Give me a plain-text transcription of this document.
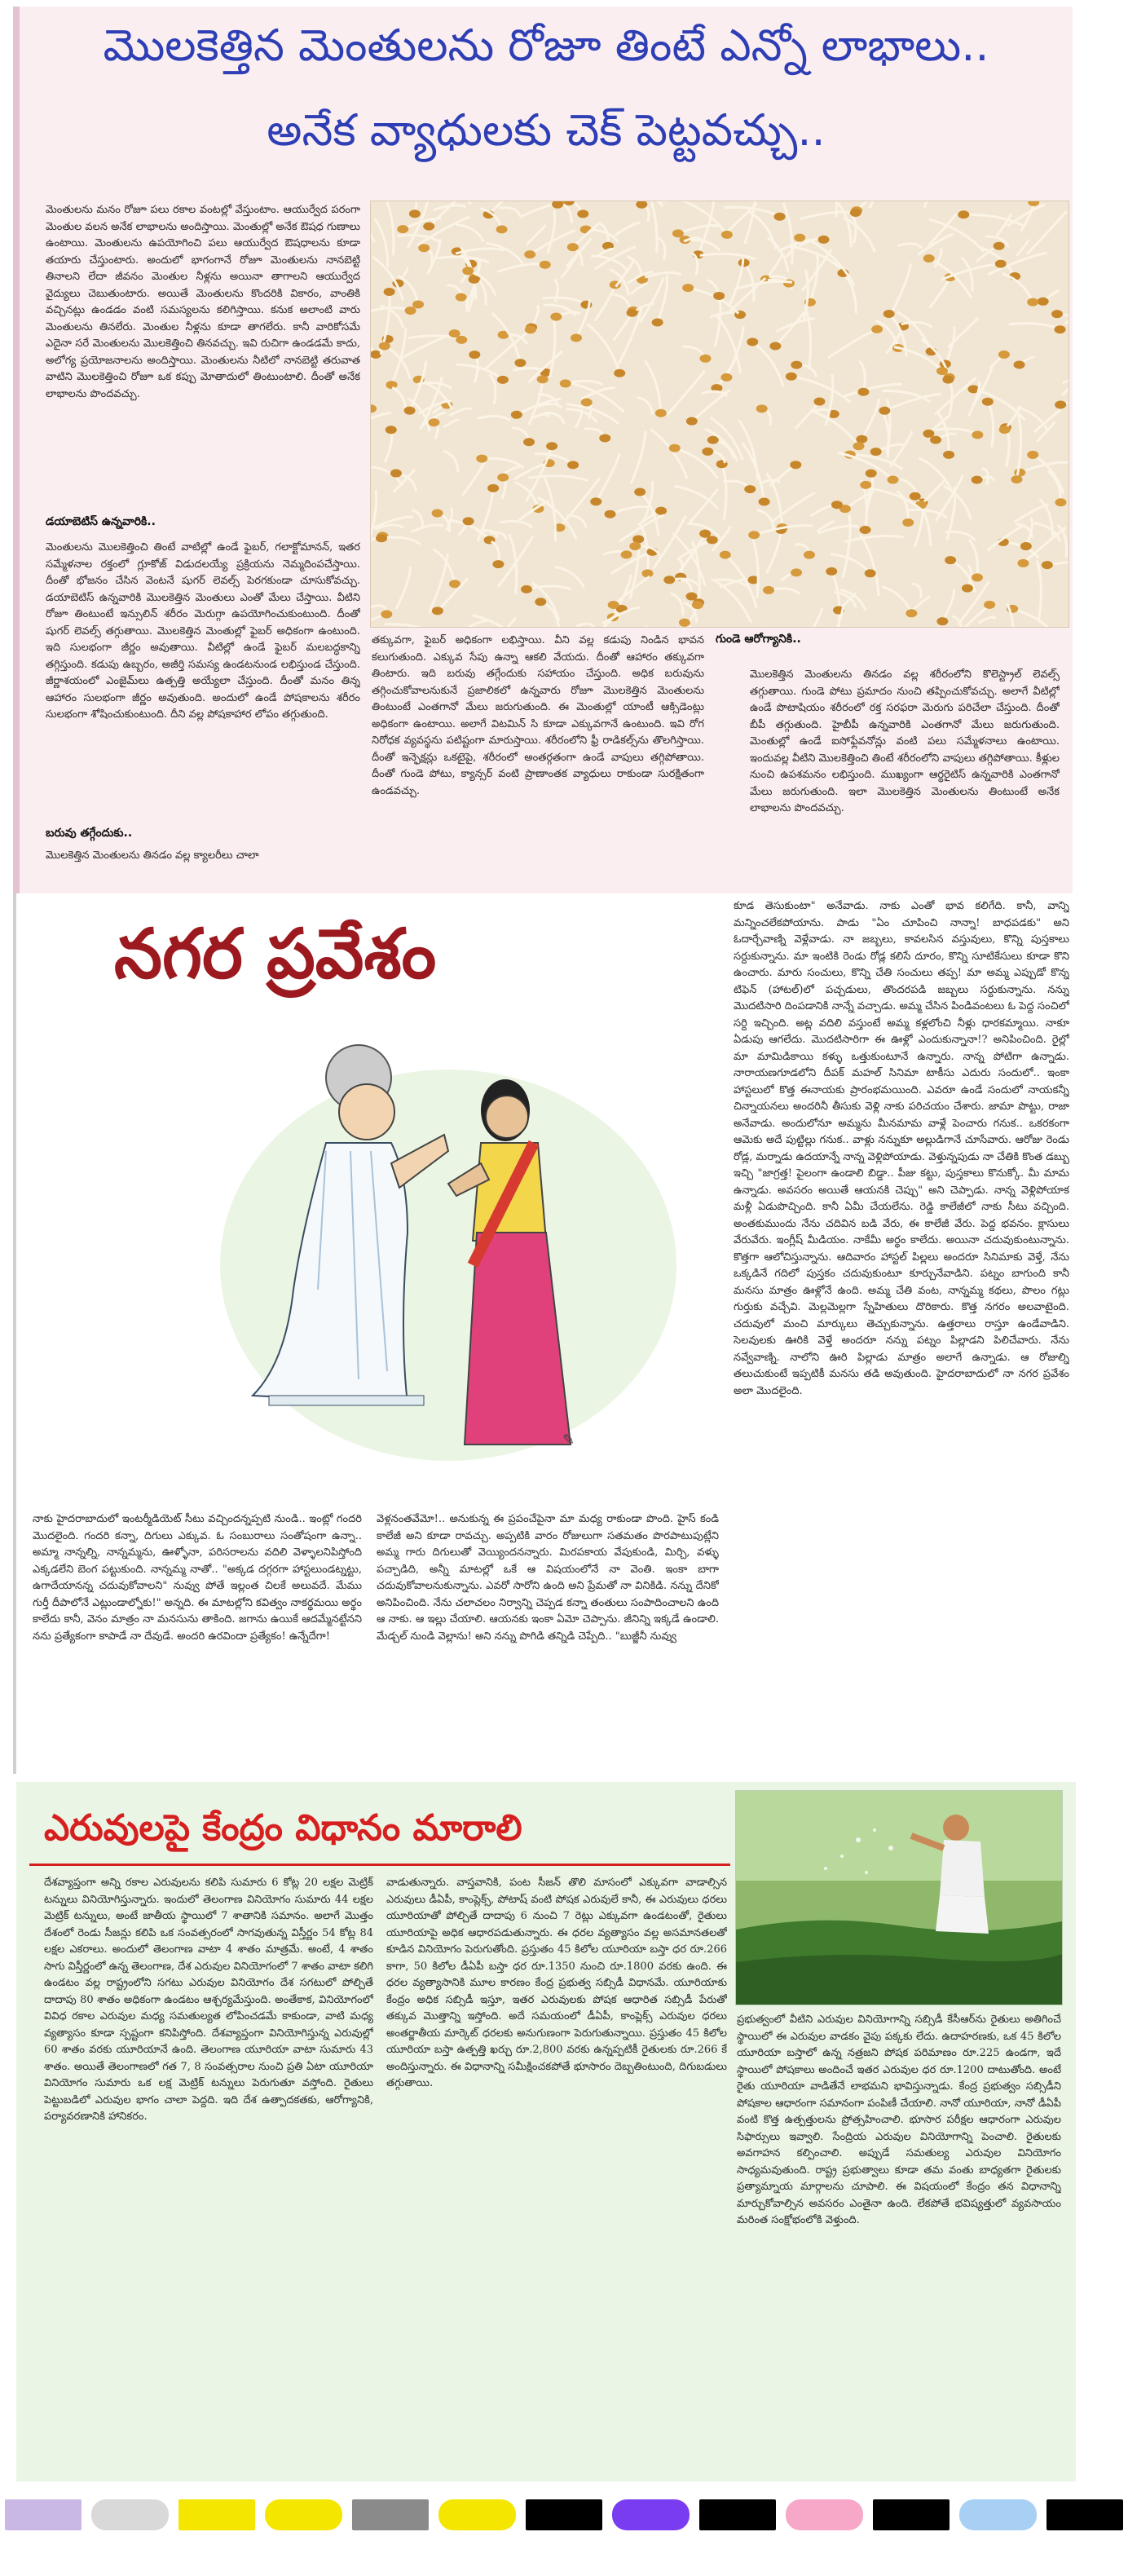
మొలకెత్తిన మెంతులను రోజూ తింటే ఎన్నో లాభాలు..
అనేక వ్యాధులకు చెక్ పెట్టవచ్చు..
మెంతులను మనం రోజూ పలు రకాల వంటల్లో వేస్తుంటాం. ఆయుర్వేద పరంగా మెంతుల వలన అనేక లాభాలను అందిస్తాయి. మెంతుల్లో అనేక ఔషధ గుణాలు ఉంటాయి. మెంతులను ఉపయోగించి పలు ఆయుర్వేద ఔషధాలను కూడా తయారు చేస్తుంటారు. అందులో భాగంగానే రోజూ మెంతులను నానబెట్టి తినాలని లేదా జీవనం మెంతుల నీళ్లను అయినా తాగాలని ఆయుర్వేద వైద్యులు చెబుతుంటారు. అయితే మెంతులను కొందరికి వికారం, వాంతికి వచ్చినట్లు ఉండడం వంటి సమస్యలను కలిగిస్తాయి. కనుక అలాంటి వారు మెంతులను తినలేరు. మెంతుల నీళ్లను కూడా తాగలేరు. కానీ వారికోసమే ఎదైనా సరే మెంతులను మొలకెత్తించి తినవచ్చు. ఇవి రుచిగా ఉండడమే కాదు, అలోగ్య ప్రయోజనాలను అందిస్తాయి. మెంతులను నీటిలో నానబెట్టి తరువాత వాటిని మొలకెత్తించి రోజూ ఒక కప్పు మోతాదులో తింటుంటాలి. దీంతో అనేక లాభాలను పొందవచ్చు.
డయాబెటిస్ ఉన్నవారికి..
మెంతులను మొలకెత్తించి తింటే వాటిల్లో ఉండే ఫైబర్, గలాక్టోమానన్, ఇతర సమ్మేళనాల రక్తంలో గ్లూకోజ్ విడుదలయ్యే ప్రక్రియను నెమ్మదింపచేస్తాయి. దీంతో భోజనం చేసిన వెంటనే షుగర్ లెవల్స్ పెరగకుండా చూసుకోవచ్చు. డయాబెటిస్ ఉన్నవారికి మొలకెత్తిన మెంతులు ఎంతో మేలు చేస్తాయి. వీటిని రోజూ తింటుంటే ఇన్సులిన్ శరీరం మెరుగ్గా ఉపయోగించుకుంటుంది. దీంతో షుగర్ లెవల్స్ తగ్గుతాయి. మొలకెత్తిన మెంతుల్లో ఫైబర్ అధికంగా ఉంటుంది. ఇది సులభంగా జీర్ణం అవుతాయి. వీటిల్లో ఉండే ఫైబర్ మలబద్ధకాన్ని తగ్గిస్తుంది. కడుపు ఉబ్బరం, అజీర్తి సమస్య ఉండటనుండ లభిస్తుండ చేస్తుంది. జీర్ణాశయంలో ఎంజైమ్‌లు ఉత్పత్తి అయ్యేలా చేస్తుంది. దీంతో మనం తిన్న ఆహారం సులభంగా జీర్ణం అవుతుంది. అందులో ఉండే పోషకాలను శరీరం సులభంగా శోషించుకుంటుంది. దీని వల్ల పోషకాహార లోపం తగ్గుతుంది.
బరువు తగ్గేందుకు..
మొలకెత్తిన మెంతులను తినడం వల్ల క్యాలరీలు చాలా
తక్కువగా, ఫైబర్ అధికంగా లభిస్తాయి. వీని వల్ల కడుపు నిండిన భావన కలుగుతుంది. ఎక్కువ సేపు ఉన్నా ఆకలి వేయదు. దీంతో ఆహారం తక్కువగా తింటారు. ఇది బరువు తగ్గేందుకు సహాయం చేస్తుంది. అధిక బరువును తగ్గించుకోవాలనుకునే ప్రజాలికలో ఉన్నవారు రోజూ మొలకెత్తిన మెంతులను తింటుంటే ఎంతగానో మేలు జరుగుతుంది. ఈ మెంతుల్లో యాంటీ ఆక్సిడెంట్లు అధికంగా ఉంటాయి. అలాగే విటమిన్ సి కూడా ఎక్కువగానే ఉంటుంది. ఇవి రోగ నిరోధక వ్యవస్థను పటిష్టంగా మారుస్తాయి. శరీరంలోని ఫ్రీ రాడికల్స్‌ను తొలగిస్తాయి. దీంతో ఇన్ఫెక్షన్లు ఒకటైపై, శరీరంలో అంతర్గతంగా ఉండే వాపులు తగ్గిపోతాయి. దీంతో గుండె పోటు, క్యాన్సర్ వంటి ప్రాణాంతక వ్యాధులు రాకుండా సురక్షితంగా ఉండవచ్చు.
గుండె ఆరోగ్యానికి..
మొలకెత్తిన మెంతులను తినడం వల్ల శరీరంలోని కొలెస్ట్రాల్ లెవల్స్ తగ్గుతాయి. గుండె పోటు ప్రమాదం నుంచి తప్పించుకోవచ్చు. అలాగే వీటిల్లో ఉండే పొటాషియం శరీరంలో రక్త సరఫరా మెరుగు పరిచేలా చేస్తుంది. దీంతో బీపీ తగ్గుతుంది. హైబీపీ ఉన్నవారికి ఎంతగానో మేలు జరుగుతుంది. మెంతుల్లో ఉండే ఐసోఫ్లేవనోన్లు వంటి పలు సమ్మేళనాలు ఉంటాయి. ఇందువల్ల వీటిని మొలకెత్తించి తింటే శరీరంలోని వాపులు తగ్గిపోతాయి. కీళ్లుల నుంచి ఉపశమనం లభిస్తుంది. ముఖ్యంగా ఆర్థరైటిస్ ఉన్నవారికి ఎంతగానో మేలు జరుగుతుంది. ఇలా మొలకెత్తిన మెంతులను తింటుంటే అనేక లాభాలను పొందవచ్చు.
నగర ప్రవేశం
✎
నాకు హైదరాబాదులో ఇంటర్మీడియెట్ సీటు వచ్చిందన్నప్పటి నుండి.. ఇంట్లో గందరి మొదలైంది. గందరి కన్నా, దిగులు ఎక్కువ. ఓ సంబురాలు సంతోషంగా ఉన్నా.. అమ్మా నాన్నల్ని, నాన్నమ్మను, ఊళ్ళోనా, పరిసరాలను వదిలి వెళ్ళాలనిపిస్తోంది ఎక్కడలేని బెంగ పట్టుకుంది. నాన్నమ్మ నాతో.. "అక్కడ దగ్గరగా హాస్టలుండట్నట్టు, ఉగాదేయానన్న చదువుకోవాలని" నువ్వు పోతే ఇల్లంత చిలకే అలువదే. మేము గుర్తీ దీపాలోనే ఎట్లుండాల్నోకు!" అన్నది. ఈ మాటల్లోని కవిత్వం నాకర్థమయి అర్థం కాలేదు కానీ, వెనం మాత్రం నా మనసును తాకింది. జగాను ఉయికే ఆదమ్మేనట్టేనని నను ప్రత్యేకంగా కాపాడే నా దేవుడే. అందరి ఉరవిందా ప్రత్యేకం! ఉన్నేదేగా!
వెళ్లనంతవేమో!.. అనుకున్న ఈ ప్రపంచేపైనా మా మధ్య రాకుండా పొంది. హైస్‌ కండి కాలేజీ అని కూడా రావచ్చు. అప్పటికి వారం రోజులుగా సతమతం పొరపాటుపుట్లేని అమ్మ గారు దిగులుతో వెయ్యిందనన్నారు. మిరపకాయ వేపుకుండి, మిర్చి, వళ్ళు పచ్చాడిది, అన్నీ మాటల్లో ఒకే ఆ విషయంలోనే నా వెంతి. ఇంకా బాగా చదువుకోవాలనుకున్నాను. ఎవరో సారోని ఉంది అని ప్రేమతో నా వినికిడి. నన్ను దేనికో అనిపించింది. నేను చలాచలం నిర్వాన్ని చెప్పడ కన్నా తంతులు సంపాదించాలని ఉంది ఆ నాకు. ఆ ఇల్లు చేయాలి. ఆయనకు ఇంకా ఏమో చెప్పాను. జీనిన్ని ఇక్కడే ఉండాలి. మేడ్చల్ నుండి వెల్లాను! అని నన్ను పొగిడి తన్నిడి చెప్పేది.. "బుజ్జీనీ నువ్వు
కూడ తెసుకుంటా" అనేవాడు. నాకు ఎంతో భావ కలిగేది. కానీ, వాన్ని మన్నించలేకపోయాను. పాడు "ఏం చూపించి నాన్నా! బాధపడకు" అని ఓదార్చేవాణ్ని వెళ్లేవాడు. నా జబ్బలు, కావలసిన వస్తువులు, కొన్ని పుస్తకాలు సర్దుకున్నాను. మా ఇంటికి రెండు రోడ్ల కలిసే దూరం, కొన్ని సూటికేసులు కూడా కొని ఉంచారు. మారు సంచులు, కొన్ని చేతి సంచులు తప్ప! మా అమ్మ ఎప్పుడో కొన్న టిఫెన్ (హాటల్)లో పచ్చడులు, తొందరపడి జబ్బలు సర్దుకున్నాను. నన్ను మొదటిసారి దింపడానికి నాన్నే వచ్చాడు. అమ్మ చేసిన పిండివంటలు ఓ పెద్ద సంచిలో సర్ది ఇచ్చింది. అట్ల వదిలి వస్తుంటే అమ్మ కళ్లలోంచి నీళ్లు ధారకమ్మాయి. నాకూ ఏడుపు ఆగలేదు. మొదటిసారిగా ఈ ఊళ్లో ఎందుకున్నానా!? అనిపించింది. రైల్లో మా మామిడికాయి కళ్ళు ఒత్తుకుంటూనే ఉన్నారు. నాన్న పోటిగా ఉన్నాడు. నారాయణగూడలోని దీపక్ మహల్ సినిమా టాకీసు ఎదురు సందులో.. ఇంకా హాస్టలులో కొత్త ఈనాయకు ప్రారంభమయింది. ఎవరూ ఉండే సందులో నాయకన్నీ చిన్నాయనలు అందరినీ తీసుకు వెళ్లి నాకు పరిచయం చేశారు. జామా పొట్టు, రాజా అనేవాడు. అందులోనూ అమ్మను మీనమామ వాళ్లే పెంచారు గనుక.. ఒకరకంగా ఆమెకు అదే పుట్టిల్లు గనుక.. వాళ్లు నన్నుకూ అల్లుడిగానే చూసేవారు. ఆరోజు రెండు రోడ్ల, మర్నాడు ఉదయాన్నే నాన్న వెళ్లిపోయాడు. వెళ్తున్నపుడు నా చేతికి కొంత డబ్బు ఇచ్చి "జాగ్రత్త! పైలంగా ఉండాలి బిడ్డా.. పీజు కట్టు, పుస్తకాలు కొనుక్కో. మీ మామ ఉన్నాడు. అవసరం అయితే ఆయనకి చెప్పు" అని చెప్పాడు. నాన్న వెళ్లిపోయాక మళ్లీ ఏడుపొచ్చింది. కానీ ఏమీ చేయలేను. రెడ్డి కాలేజీలో నాకు సీటు వచ్చింది. అంతకుముందు నేను చదివిన బడి వేరు, ఈ కాలేజీ వేరు. పెద్ద భవనం. క్లాసులు వేరువేరు. ఇంగ్లీష్ మీడియం. నాకేమీ అర్థం కాలేదు. అయినా చదువుకుంటున్నాను. కొత్తగా ఆలోచిస్తున్నాను. ఆదివారం హాస్టల్ పిల్లలు అందరూ సినిమాకు వెళ్తే, నేను ఒక్కడినే గదిలో పుస్తకం చదువుకుంటూ కూర్చునేవాడిని. పట్నం బాగుంది కానీ మనసు మాత్రం ఊళ్లోనే ఉంది. అమ్మ చేతి వంట, నాన్నమ్మ కథలు, పొలం గట్లు గుర్తుకు వచ్చేవి. మెల్లమెల్లగా స్నేహితులు దొరికారు. కొత్త నగరం అలవాటైంది. చదువులో మంచి మార్కులు తెచ్చుకున్నాను. ఉత్తరాలు రాస్తూ ఉండేవాడిని. సెలవులకు ఊరికి వెళ్తే అందరూ నన్ను పట్నం పిల్లాడని పిలిచేవారు. నేను నవ్వేవాణ్ని. నాలోని ఊరి పిల్లాడు మాత్రం అలాగే ఉన్నాడు. ఆ రోజుల్ని తలుచుకుంటే ఇప్పటికీ మనసు తడి అవుతుంది. హైదరాబాదులో నా నగర ప్రవేశం అలా మొదలైంది.
ఎరువులపై కేంద్రం విధానం మారాలి
దేశవ్యాప్తంగా అన్ని రకాల ఎరువులను కలిపి సుమారు 6 కోట్ల 20 లక్షల మెట్రిక్ టన్నులు వినియోగిస్తున్నారు. ఇందులో తెలంగాణ వినియోగం సుమారు 44 లక్షల మెట్రిక్ టన్నులు, అంటే జాతీయ స్థాయిలో 7 శాతానికి సమానం. అలాగే మొత్తం దేశంలో రెండు సీజన్లు కలిపి ఒక సంవత్సరంలో సాగవుతున్న విస్తీర్ణం 54 కోట్ల 84 లక్షల ఎకరాలు. అందులో తెలంగాణ వాటా 4 శాతం మాత్రమే. అంటే, 4 శాతం సాగు విస్తీర్ణంలో ఉన్న తెలంగాణ, దేశ ఎరువుల వినియోగంలో 7 శాతం వాటా కలిగి ఉండటం వల్ల రాష్ట్రంలోని సగటు ఎరువుల వినియోగం దేశ సగటులో పోల్చితే దాదాపు 80 శాతం అధికంగా ఉండటం ఆశ్చర్యమేస్తుంది. అంతేకాక, వినియోగంలో వివిధ రకాల ఎరువుల మధ్య సమతుల్యత లోపించడమే కాకుండా, వాటి మధ్య వ్యత్యాసం కూడా స్పష్టంగా కనిపిస్తోంది. దేశవ్యాప్తంగా వినియోగిస్తున్న ఎరువుల్లో 60 శాతం వరకు యూరియానే ఉంది. తెలంగాణ యూరియా వాటా సుమారు 43 శాతం. అయితే తెలంగాణలో గత 7, 8 సంవత్సరాల నుంచి ప్రతి ఏటా యూరియా వినియోగం సుమారు ఒక లక్ష మెట్రిక్ టన్నులు పెరుగుతూ వస్తోంది. రైతులు పెట్టుబడిలో ఎరువుల భాగం చాలా పెద్దది. ఇది దేశ ఉత్పాదకతకు, ఆరోగ్యానికి, పర్యావరణానికి హానికరం.
వాడుతున్నారు. వాస్తవానికి, పంట సీజన్ తొలి మాసంలో ఎక్కువగా వాడాల్సిన ఎరువులు డీఏపీ, కాంప్లెక్స్, పోటాష్ వంటి పోషక ఎరువులే కానీ, ఈ ఎరువులు ధరలు యూరియాతో పోల్చితే దాదాపు 6 నుంచి 7 రెట్లు ఎక్కువగా ఉండటంతో, రైతులు యూరియాపై అధిక ఆధారపడుతున్నారు. ఈ ధరల వ్యత్యాసం వల్ల అసమానతలతో కూడిన వినియోగం పెరుగుతోంది. ప్రస్తుతం 45 కిలోల యూరియా బస్తా ధర రూ.266 కాగా, 50 కిలోల డీఏపీ బస్తా ధర రూ.1350 నుంచి రూ.1800 వరకు ఉంది. ఈ ధరల వ్యత్యాసానికి మూల కారణం కేంద్ర ప్రభుత్వ సబ్సిడీ విధానమే. యూరియాకు కేంద్రం అధిక సబ్సిడీ ఇస్తూ, ఇతర ఎరువులకు పోషక ఆధారిత సబ్సిడీ పేరుతో తక్కువ మొత్తాన్ని ఇస్తోంది. అదే సమయంలో డీఏపీ, కాంప్లెక్స్ ఎరువుల ధరలు అంతర్జాతీయ మార్కెట్ ధరలకు అనుగుణంగా పెరుగుతున్నాయి. ప్రస్తుతం 45 కిలోల యూరియా బస్తా ఉత్పత్తి ఖర్చు రూ.2,800 వరకు ఉన్నప్పటికీ రైతులకు రూ.266 కే అందిస్తున్నారు. ఈ విధానాన్ని సమీక్షించకపోతే భూసారం దెబ్బతింటుంది, దిగుబడులు తగ్గుతాయి.
ప్రభుత్వంలో వీటిని ఎరువుల వినియోగాన్ని సబ్సిడీ కేసీఆర్‌ను రైతులు అతిగించే స్థాయిలో ఈ ఎరువుల వాడకం వైపు పక్కకు లేదు. ఉదాహరణకు, ఒక 45 కిలోల యూరియా బస్తాలో ఉన్న నత్రజని పోషక పరిమాణం రూ.225 ఉండగా, ఇదే స్థాయిలో పోషకాలు అందించే ఇతర ఎరువుల ధర రూ.1200 దాటుతోంది. అంటే రైతు యూరియా వాడితేనే లాభమని భావిస్తున్నాడు. కేంద్ర ప్రభుత్వం సబ్సిడీని పోషకాల ఆధారంగా సమానంగా పంపిణీ చేయాలి. నానో యూరియా, నానో డీఏపీ వంటి కొత్త ఉత్పత్తులను ప్రోత్సహించాలి. భూసార పరీక్షల ఆధారంగా ఎరువుల సిఫార్సులు ఇవ్వాలి. సేంద్రియ ఎరువుల వినియోగాన్ని పెంచాలి. రైతులకు అవగాహన కల్పించాలి. అప్పుడే సమతుల్య ఎరువుల వినియోగం సాధ్యమవుతుంది. రాష్ట్ర ప్రభుత్వాలు కూడా తమ వంతు బాధ్యతగా రైతులకు ప్రత్యామ్నాయ మార్గాలను చూపాలి. ఈ విషయంలో కేంద్రం తన విధానాన్ని మార్చుకోవాల్సిన అవసరం ఎంతైనా ఉంది. లేకపోతే భవిష్యత్తులో వ్యవసాయం మరింత సంక్షోభంలోకి వెళ్తుంది.
